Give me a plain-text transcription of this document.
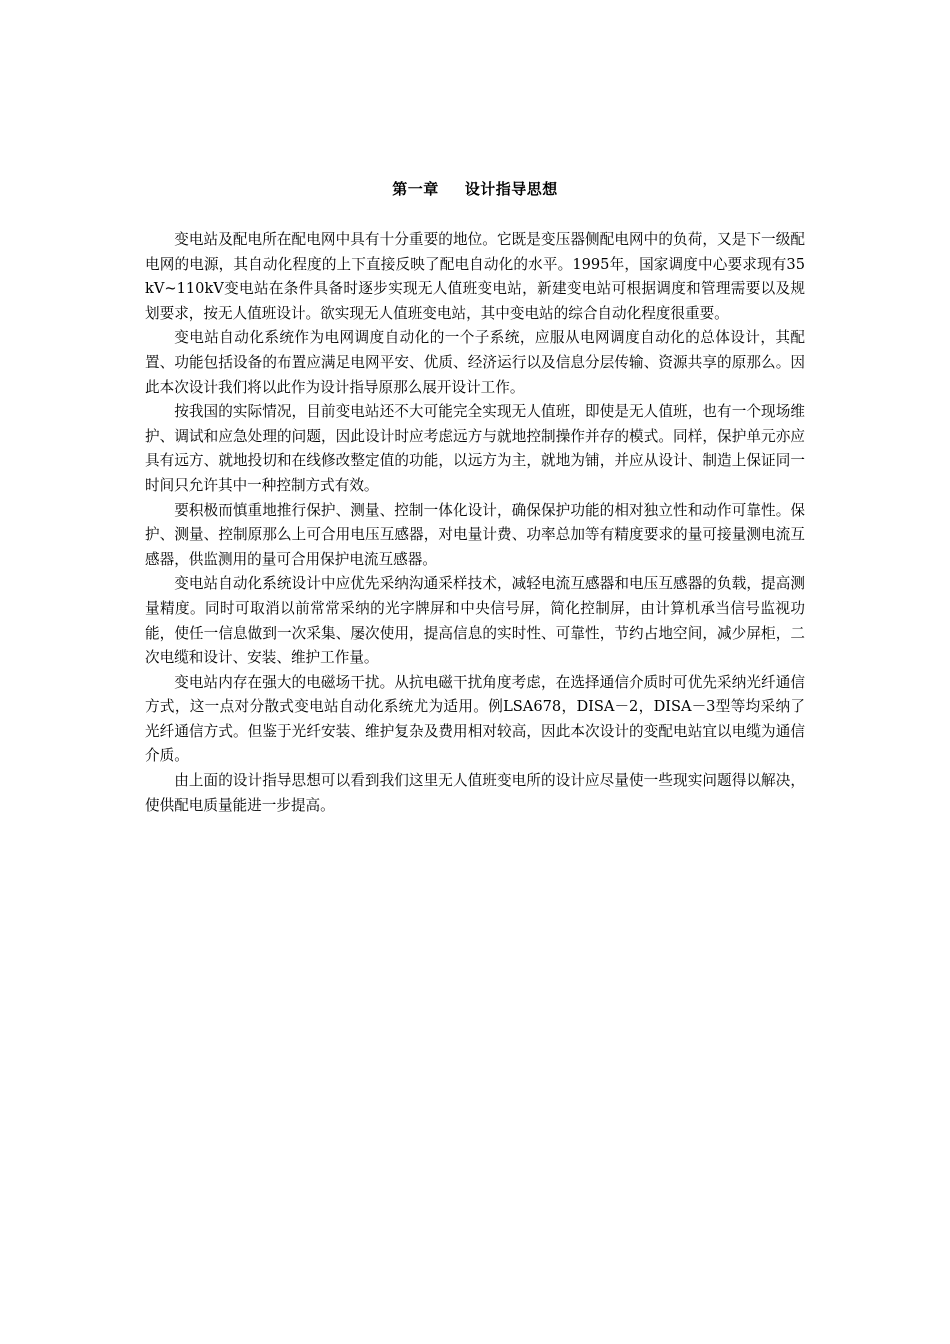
第一章 设计指导思想

变电站及配电所在配电网中具有十分重要的地位。它既是变压器侧配电网中的负荷，又是下一级配电网的电源，其自动化程度的上下直接反映了配电自动化的水平。1995年，国家调度中心要求现有35kV~110kV变电站在条件具备时逐步实现无人值班变电站，新建变电站可根据调度和管理需要以及规划要求，按无人值班设计。欲实现无人值班变电站，其中变电站的综合自动化程度很重要。

变电站自动化系统作为电网调度自动化的一个子系统，应服从电网调度自动化的总体设计，其配置、功能包括设备的布置应满足电网平安、优质、经济运行以及信息分层传输、资源共享的原那么。因此本次设计我们将以此作为设计指导原那么展开设计工作。

按我国的实际情况，目前变电站还不大可能完全实现无人值班，即使是无人值班，也有一个现场维护、调试和应急处理的问题，因此设计时应考虑远方与就地控制操作并存的模式。同样，保护单元亦应具有远方、就地投切和在线修改整定值的功能，以远方为主，就地为铺，并应从设计、制造上保证同一时间只允许其中一种控制方式有效。

要积极而慎重地推行保护、测量、控制一体化设计，确保保护功能的相对独立性和动作可靠性。保护、测量、控制原那么上可合用电压互感器，对电量计费、功率总加等有精度要求的量可接量测电流互感器，供监测用的量可合用保护电流互感器。

变电站自动化系统设计中应优先采纳沟通采样技术，减轻电流互感器和电压互感器的负载，提高测量精度。同时可取消以前常常采纳的光字牌屏和中央信号屏，简化控制屏，由计算机承当信号监视功能，使任一信息做到一次采集、屡次使用，提高信息的实时性、可靠性，节约占地空间，减少屏柜，二次电缆和设计、安装、维护工作量。

变电站内存在强大的电磁场干扰。从抗电磁干扰角度考虑，在选择通信介质时可优先采纳光纤通信方式，这一点对分散式变电站自动化系统尤为适用。例LSA678，DISA－2，DISA－3型等均采纳了光纤通信方式。但鉴于光纤安装、维护复杂及费用相对较高，因此本次设计的变配电站宜以电缆为通信介质。

由上面的设计指导思想可以看到我们这里无人值班变电所的设计应尽量使一些现实问题得以解决，使供配电质量能进一步提高。
